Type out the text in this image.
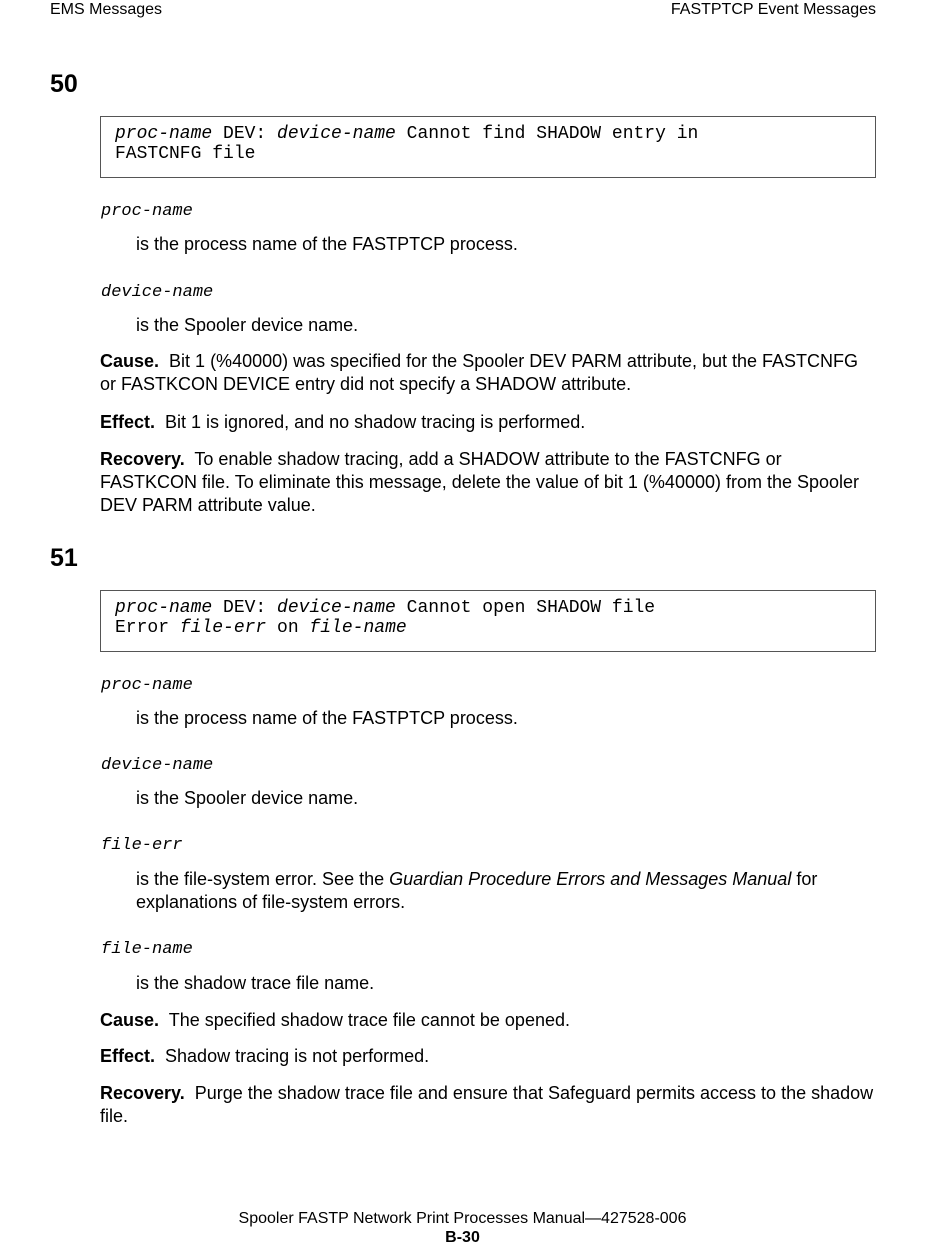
EMS Messages	FASTPTCP Event Messages
50
proc-name DEV: device-name Cannot find SHADOW entry in
FASTCNFG file
proc-name
is the process name of the FASTPTCP process.
device-name
is the Spooler device name.
Cause. Bit 1 (%40000) was specified for the Spooler DEV PARM attribute, but the FASTCNFG or FASTKCON DEVICE entry did not specify a SHADOW attribute.
Effect. Bit 1 is ignored, and no shadow tracing is performed.
Recovery. To enable shadow tracing, add a SHADOW attribute to the FASTCNFG or FASTKCON file. To eliminate this message, delete the value of bit 1 (%40000) from the Spooler DEV PARM attribute value.
51
proc-name DEV: device-name Cannot open SHADOW file
Error file-err on file-name
proc-name
is the process name of the FASTPTCP process.
device-name
is the Spooler device name.
file-err
is the file-system error. See the Guardian Procedure Errors and Messages Manual for explanations of file-system errors.
file-name
is the shadow trace file name.
Cause. The specified shadow trace file cannot be opened.
Effect. Shadow tracing is not performed.
Recovery. Purge the shadow trace file and ensure that Safeguard permits access to the shadow file.
Spooler FASTP Network Print Processes Manual—427528-006
B-30
